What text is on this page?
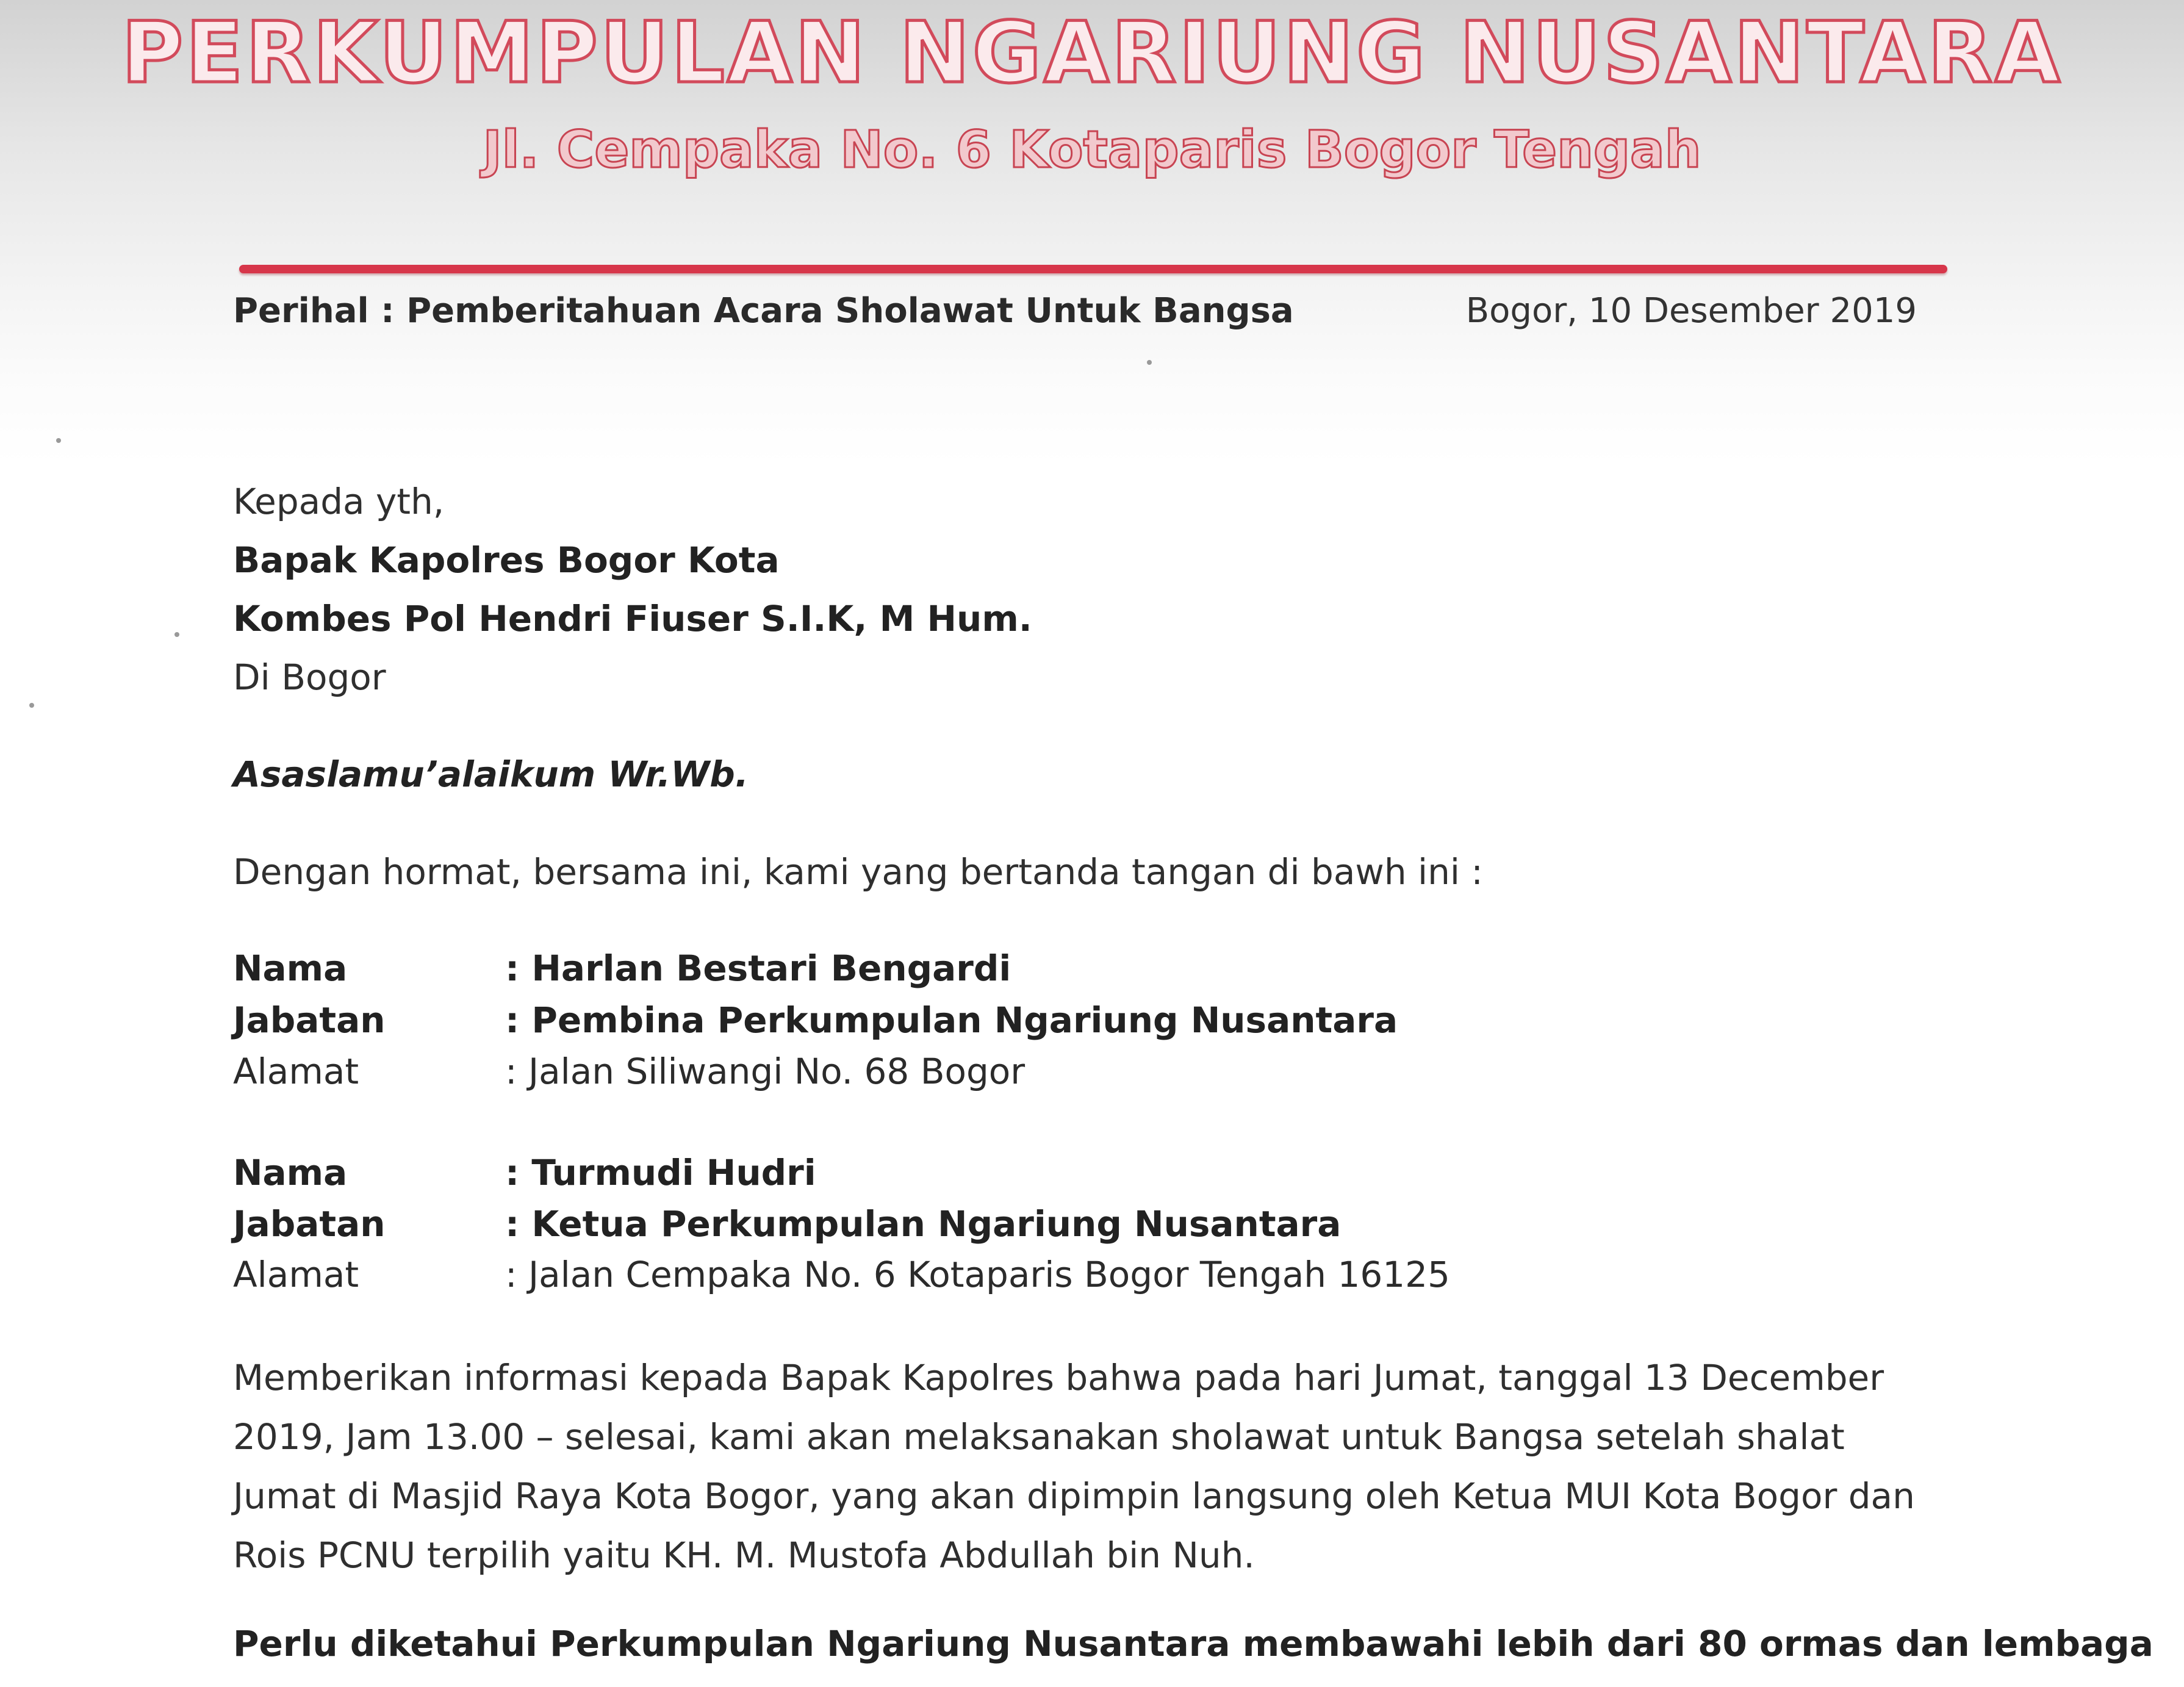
PERKUMPULAN NGARIUNG NUSANTARA
Jl. Cempaka No. 6 Kotaparis Bogor Tengah
Perihal : Pemberitahuan Acara Sholawat Untuk Bangsa	Bogor, 10 Desember 2019
Kepada yth,
Bapak Kapolres Bogor Kota
Kombes Pol Hendri Fiuser S.I.K, M Hum.
Di Bogor
Asaslamu’alaikum Wr.Wb.
Dengan hormat, bersama ini, kami yang bertanda tangan di bawh ini :
Nama	: Harlan Bestari Bengardi
Jabatan	: Pembina Perkumpulan Ngariung Nusantara
Alamat	: Jalan Siliwangi No. 68 Bogor
Nama	: Turmudi Hudri
Jabatan	: Ketua Perkumpulan Ngariung Nusantara
Alamat	: Jalan Cempaka No. 6 Kotaparis Bogor Tengah 16125

Memberikan informasi kepada Bapak Kapolres bahwa pada hari Jumat, tanggal 13 December 2019, Jam 13.00 – selesai, kami akan melaksanakan sholawat untuk Bangsa setelah shalat Jumat di Masjid Raya Kota Bogor, yang akan dipimpin langsung oleh Ketua MUI Kota Bogor dan Rois PCNU terpilih yaitu KH. M. Mustofa Abdullah bin Nuh.

Perlu diketahui Perkumpulan Ngariung Nusantara membawahi lebih dari 80 ormas dan lembaga
